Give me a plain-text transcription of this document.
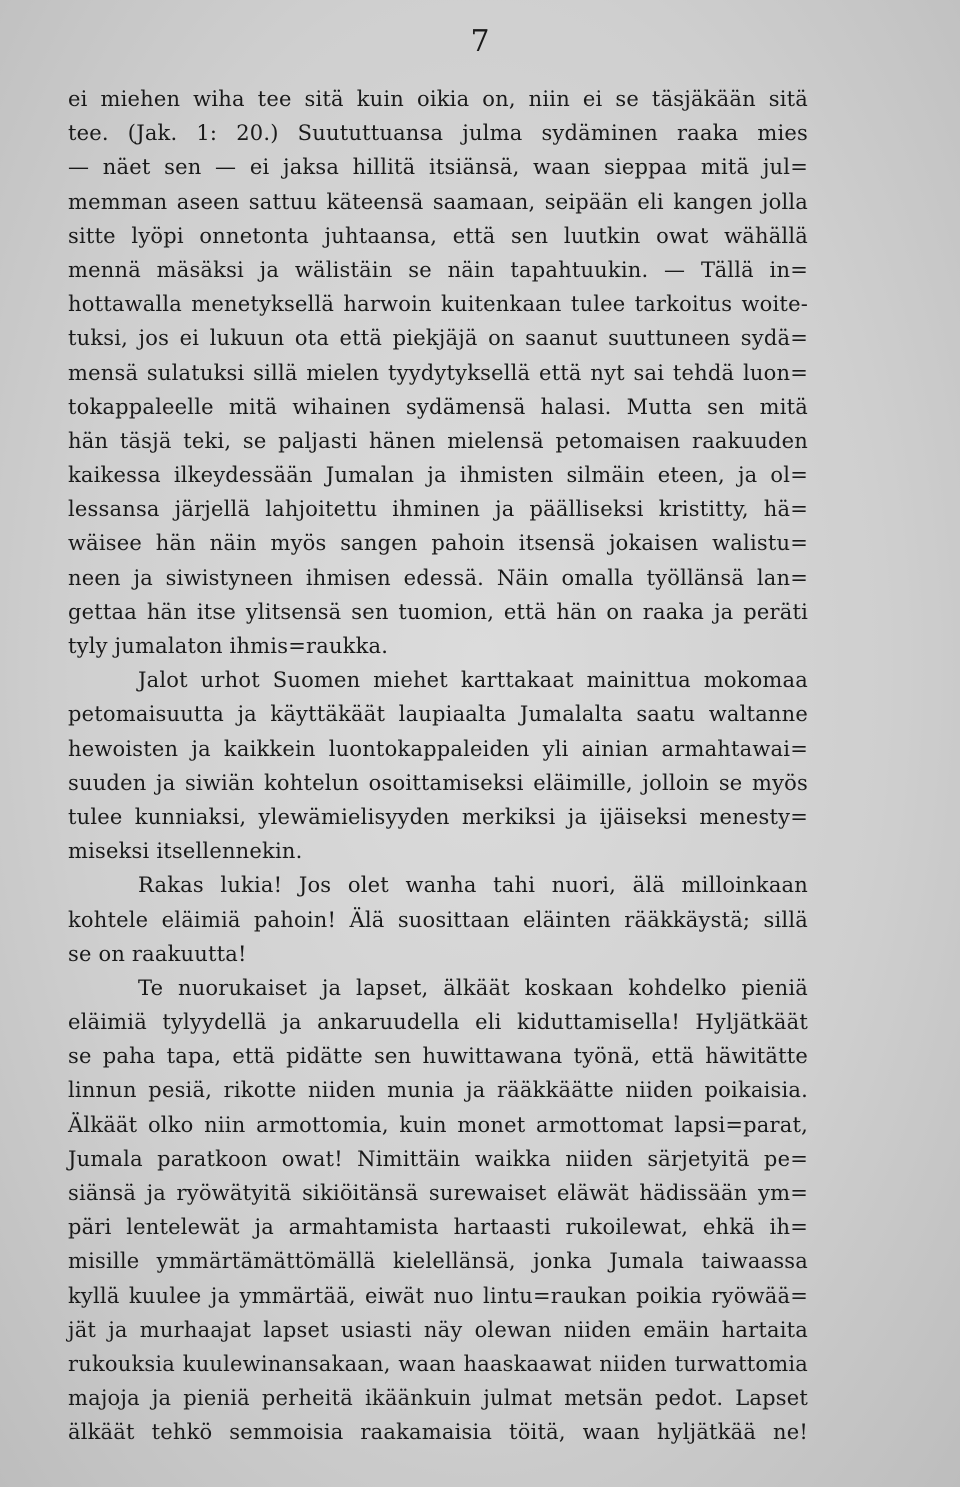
7
ei miehen wiha tee sitä kuin oikia on, niin ei se täsjäkään sitä
tee. (Jak. 1: 20.) Suututtuansa julma sydäminen raaka mies
— näet sen — ei jaksa hillitä itsiänsä, waan sieppaa mitä jul=
memman aseen sattuu käteensä saamaan, seipään eli kangen jolla
sitte lyöpi onnetonta juhtaansa, että sen luutkin owat wähällä
mennä mäsäksi ja wälistäin se näin tapahtuukin. — Tällä in=
hottawalla menetyksellä harwoin kuitenkaan tulee tarkoitus woite-
tuksi, jos ei lukuun ota että piekjäjä on saanut suuttuneen sydä=
mensä sulatuksi sillä mielen tyydytyksellä että nyt sai tehdä luon=
tokappaleelle mitä wihainen sydämensä halasi. Mutta sen mitä
hän täsjä teki, se paljasti hänen mielensä petomaisen raakuuden
kaikessa ilkeydessään Jumalan ja ihmisten silmäin eteen, ja ol=
lessansa järjellä lahjoitettu ihminen ja päälliseksi kristitty, hä=
wäisee hän näin myös sangen pahoin itsensä jokaisen walistu=
neen ja siwistyneen ihmisen edessä. Näin omalla työllänsä lan=
gettaa hän itse ylitsensä sen tuomion, että hän on raaka ja peräti
tyly jumalaton ihmis=raukka.
Jalot urhot Suomen miehet karttakaat mainittua mokomaa
petomaisuutta ja käyttäkäät laupiaalta Jumalalta saatu waltanne
hewoisten ja kaikkein luontokappaleiden yli ainian armahtawai=
suuden ja siwiän kohtelun osoittamiseksi eläimille, jolloin se myös
tulee kunniaksi, ylewämielisyyden merkiksi ja ijäiseksi menesty=
miseksi itsellennekin.
Rakas lukia! Jos olet wanha tahi nuori, älä milloinkaan
kohtele eläimiä pahoin! Älä suosittaan eläinten rääkkäystä; sillä
se on raakuutta!
Te nuorukaiset ja lapset, älkäät koskaan kohdelko pieniä
eläimiä tylyydellä ja ankaruudella eli kiduttamisella! Hyljätkäät
se paha tapa, että pidätte sen huwittawana työnä, että häwitätte
linnun pesiä, rikotte niiden munia ja rääkkäätte niiden poikaisia.
Älkäät olko niin armottomia, kuin monet armottomat lapsi=parat,
Jumala paratkoon owat! Nimittäin waikka niiden särjetyitä pe=
siänsä ja ryöwätyitä sikiöitänsä surewaiset eläwät hädissään ym=
päri lentelewät ja armahtamista hartaasti rukoilewat, ehkä ih=
misille ymmärtämättömällä kielellänsä, jonka Jumala taiwaassa
kyllä kuulee ja ymmärtää, eiwät nuo lintu=raukan poikia ryöwää=
jät ja murhaajat lapset usiasti näy olewan niiden emäin hartaita
rukouksia kuulewinansakaan, waan haaskaawat niiden turwattomia
majoja ja pieniä perheitä ikäänkuin julmat metsän pedot. Lapset
älkäät tehkö semmoisia raakamaisia töitä, waan hyljätkää ne!
